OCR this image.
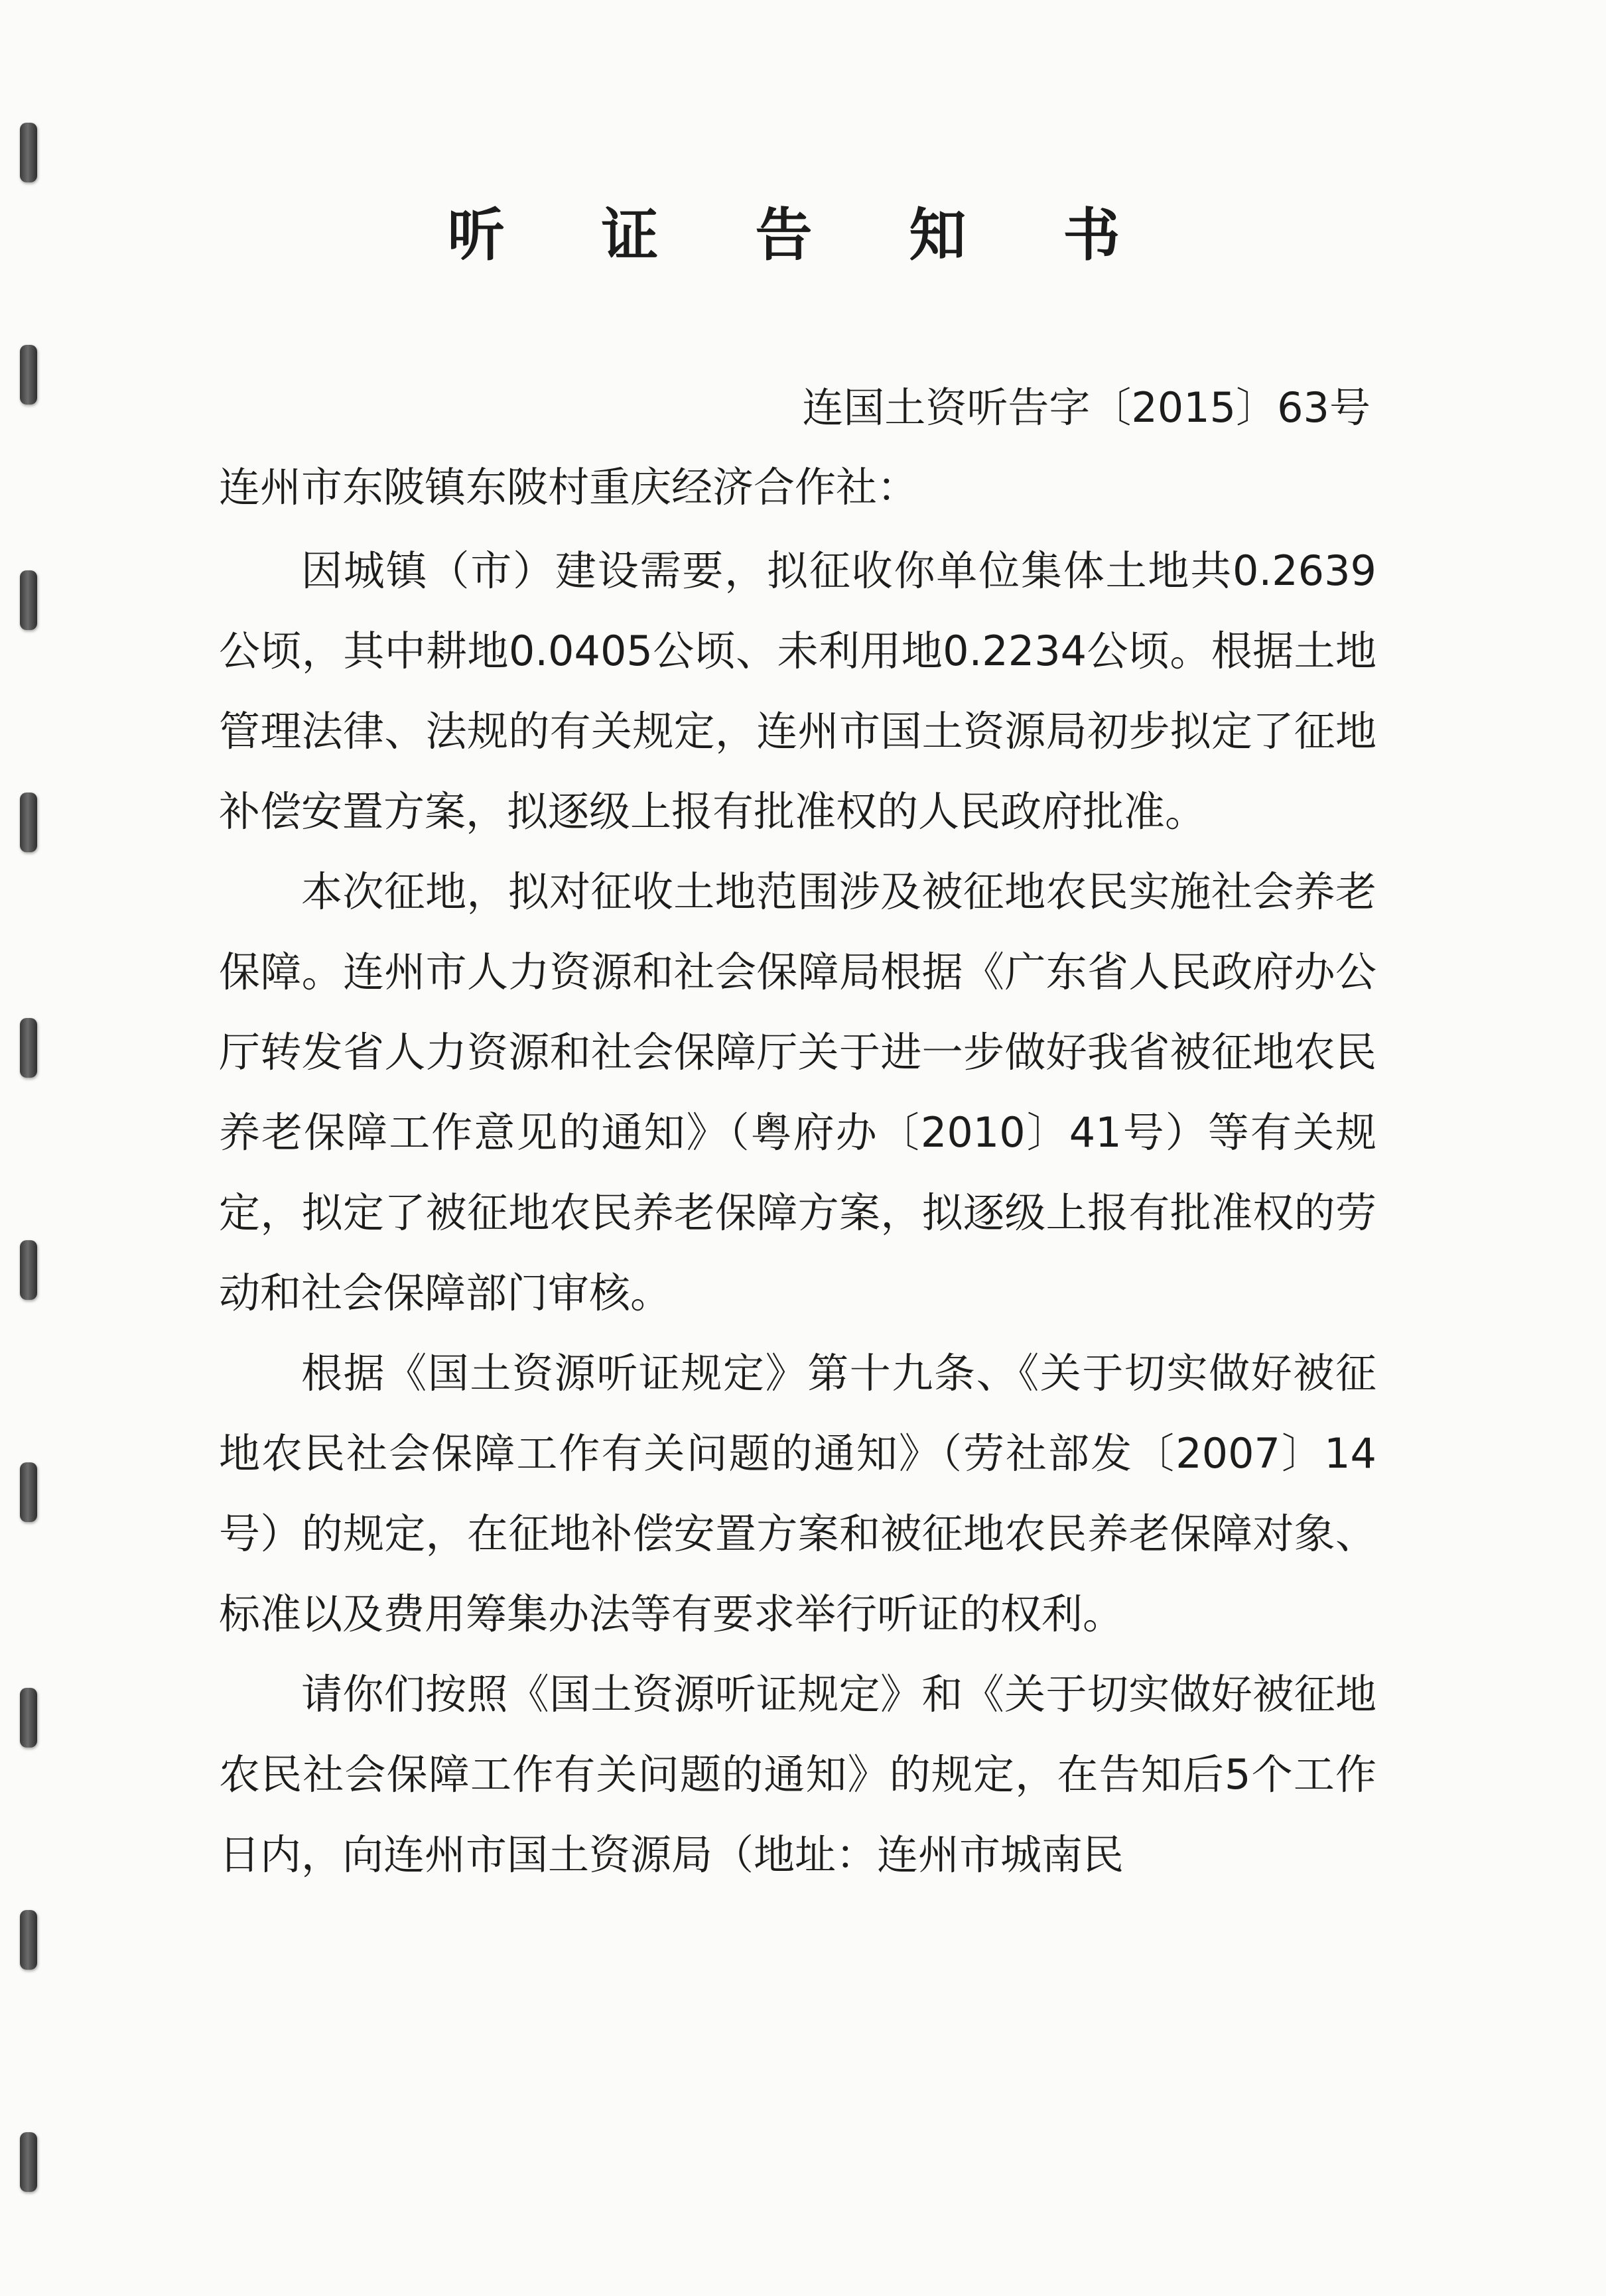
听 证 告 知 书
连国土资听告字〔2015〕63号
连州市东陂镇东陂村重庆经济合作社：

因城镇（市）建设需要，拟征收你单位集体土地共0.2639公顷，其中耕地0.0405公顷、未利用地0.2234公顷。根据土地管理法律、法规的有关规定，连州市国土资源局初步拟定了征地补偿安置方案，拟逐级上报有批准权的人民政府批准。

本次征地，拟对征收土地范围涉及被征地农民实施社会养老保障。连州市人力资源和社会保障局根据《广东省人民政府办公厅转发省人力资源和社会保障厅关于进一步做好我省被征地农民养老保障工作意见的通知》（粤府办〔2010〕41号）等有关规定，拟定了被征地农民养老保障方案，拟逐级上报有批准权的劳动和社会保障部门审核。

根据《国土资源听证规定》第十九条、《关于切实做好被征地农民社会保障工作有关问题的通知》（劳社部发〔2007〕14号）的规定，在征地补偿安置方案和被征地农民养老保障对象、标准以及费用筹集办法等有要求举行听证的权利。

请你们按照《国土资源听证规定》和《关于切实做好被征地农民社会保障工作有关问题的通知》的规定，在告知后5个工作日内，向连州市国土资源局（地址：连州市城南民
